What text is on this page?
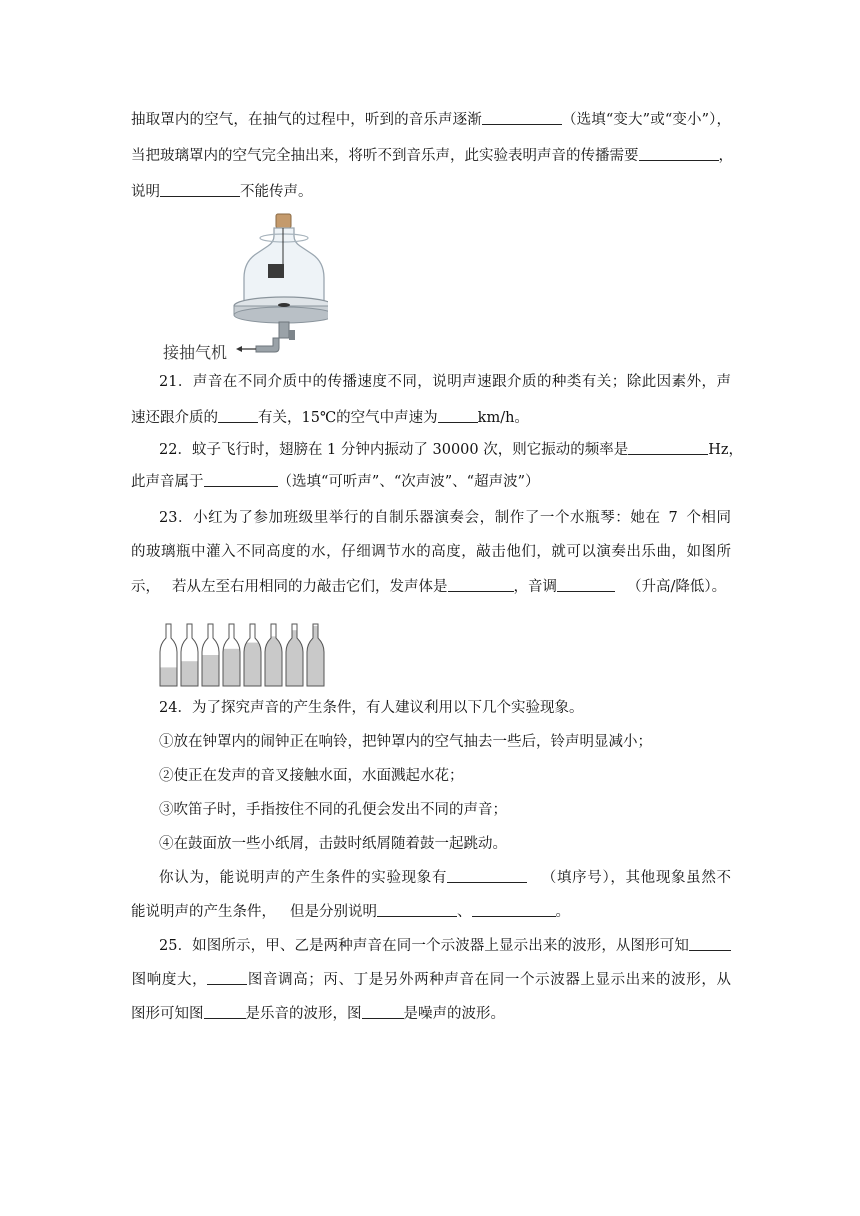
抽取罩内的空气，在抽气的过程中，听到的音乐声逐渐	（选填“变大”或“变小”），
当把玻璃罩内的空气完全抽出来，将听不到音乐声，此实验表明声音的传播需要	，
说明	不能传声。
接抽气机
21．声音在不同介质中的传播速度不同，说明声速跟介质的种类有关；除此因素外，声
速还跟介质的	有关，15℃的空气中声速为	km/h。
22．蚊子飞行时，翅膀在 1 分钟内振动了 30000 次，则它振动的频率是	Hz，
此声音属于	（选填“可听声”、“次声波”、“超声波”）
23．小红为了参加班级里举行的自制乐器演奏会，制作了一个水瓶琴：她在 7 个相同
的玻璃瓶中灌入不同高度的水，仔细调节水的高度，敲击他们，就可以演奏出乐曲，如图所
示， 若从左至右用相同的力敲击它们，发声体是	，音调	（升高/降低）。
24．为了探究声音的产生条件，有人建议利用以下几个实验现象。
①放在钟罩内的闹钟正在响铃，把钟罩内的空气抽去一些后，铃声明显减小；
②使正在发声的音叉接触水面，水面溅起水花；
③吹笛子时，手指按住不同的孔便会发出不同的声音；
④在鼓面放一些小纸屑，击鼓时纸屑随着鼓一起跳动。
你认为，能说明声的产生条件的实验现象有	（填序号），其他现象虽然不
能说明声的产生条件， 但是分别说明	、	。
25．如图所示，甲、乙是两种声音在同一个示波器上显示出来的波形，从图形可知
图响度大，	图音调高；丙、丁是另外两种声音在同一个示波器上显示出来的波形，从
图形可知图	是乐音的波形，图	是噪声的波形。
